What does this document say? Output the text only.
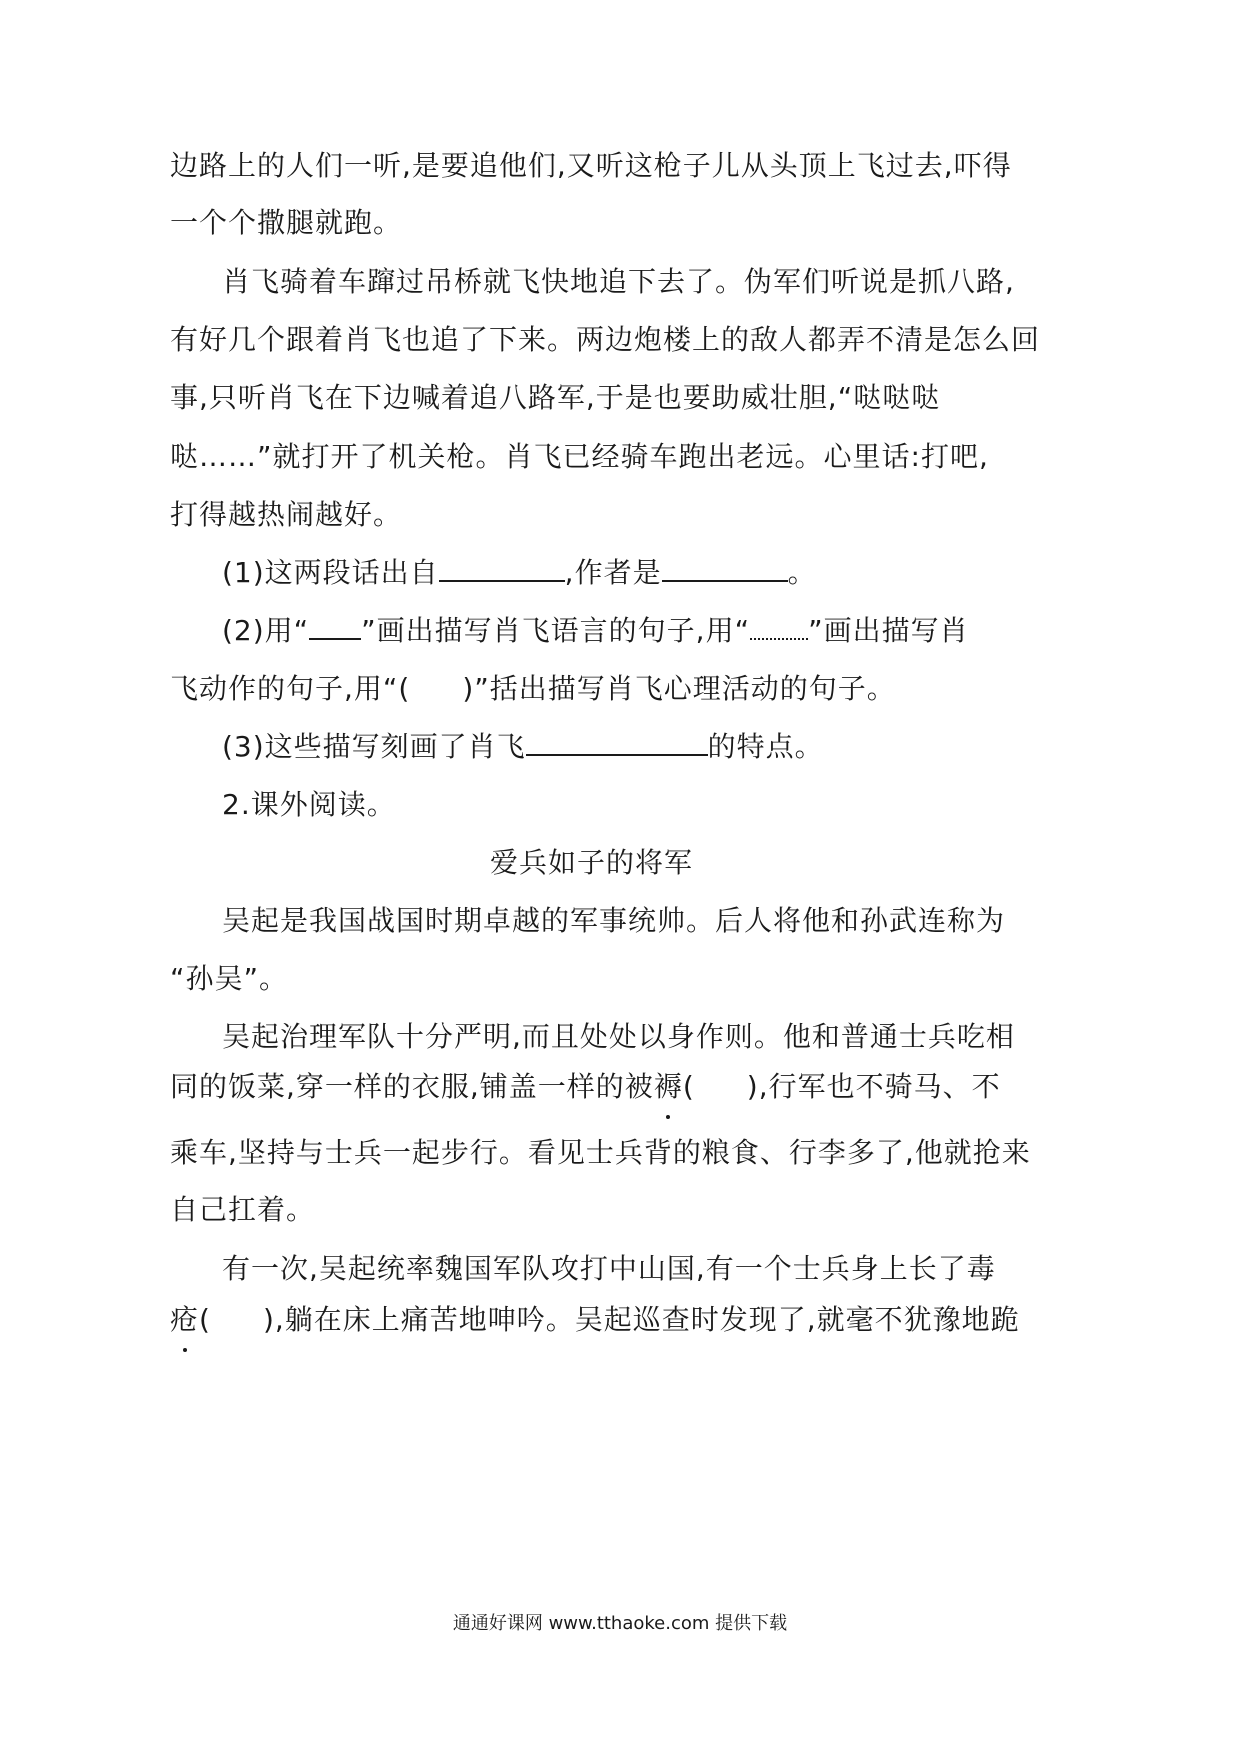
边路上的人们一听,是要追他们,又听这枪子儿从头顶上飞过去,吓得
一个个撒腿就跑。
肖飞骑着车蹿过吊桥就飞快地追下去了。伪军们听说是抓八路,
有好几个跟着肖飞也追了下来。两边炮楼上的敌人都弄不清是怎么回
事,只听肖飞在下边喊着追八路军,于是也要助威壮胆,“哒哒哒
哒……”就打开了机关枪。肖飞已经骑车跑出老远。心里话:打吧,
打得越热闹越好。
(1)这两段话出自	,作者是	。
(2)用“ ”画出描写肖飞语言的句子,用“ ”画出描写肖
飞动作的句子,用“( )”括出描写肖飞心理活动的句子。
(3)这些描写刻画了肖飞	的特点。
2.课外阅读。
爱兵如子的将军
吴起是我国战国时期卓越的军事统帅。后人将他和孙武连称为
“孙吴”。
吴起治理军队十分严明,而且处处以身作则。他和普通士兵吃相
同的饭菜,穿一样的衣服,铺盖一样的被褥( ),行军也不骑马、不
乘车,坚持与士兵一起步行。看见士兵背的粮食、行李多了,他就抢来
自己扛着。
有一次,吴起统率魏国军队攻打中山国,有一个士兵身上长了毒
疮( ),躺在床上痛苦地呻吟。吴起巡查时发现了,就毫不犹豫地跪
通通好课网 www.tthaoke.com 提供下载
